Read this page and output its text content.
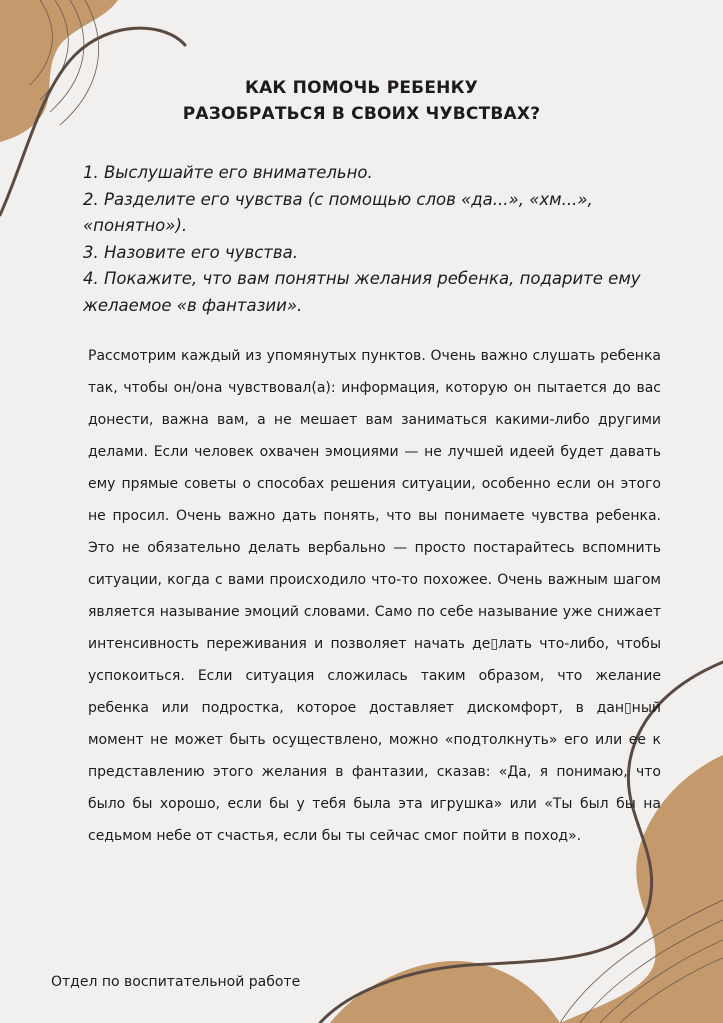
КАК ПОМОЧЬ РЕБЕНКУ
РАЗОБРАТЬСЯ В СВОИХ ЧУВСТВАХ?
1. Выслушайте его внимательно.
2. Разделите его чувства (с помощью слов «да...», «хм...», «понятно»).
3. Назовите его чувства.
4. Покажите, что вам понятны желания ребенка, подарите ему желаемое «в фантазии».
Рассмотрим каждый из упомянутых пунктов. Очень важно слушать ребенка так, чтобы он/она чувствовал(а): информация, которую он пытается до вас донести, важна вам, а не мешает вам заниматься какими-либо другими делами. Если человек охвачен эмоциями — не лучшей идеей будет давать ему прямые советы о способах решения ситуации, особенно если он этого не просил. Очень важно дать понять, что вы понимаете чувства ребенка. Это не обязательно делать вербально — просто постарайтесь вспомнить ситуации, когда с вами происходило что-то похожее. Очень важным шагом является называние эмоций словами. Само по себе называние уже снижает интенсивность переживания и позволяет начать де▯лать что-либо, чтобы успокоиться. Если ситуация сложилась таким образом, что желание ребенка или подростка, которое доставляет дискомфорт, в дан▯ный момент не может быть осуществлено, можно «подтолкнуть» его или ее к представлению этого желания в фантазии, сказав: «Да, я понимаю, что было бы хорошо, если бы у тебя была эта игрушка» или «Ты был бы на седьмом небе от счастья, если бы ты сейчас смог пойти в поход».
Отдел по воспитательной работе
